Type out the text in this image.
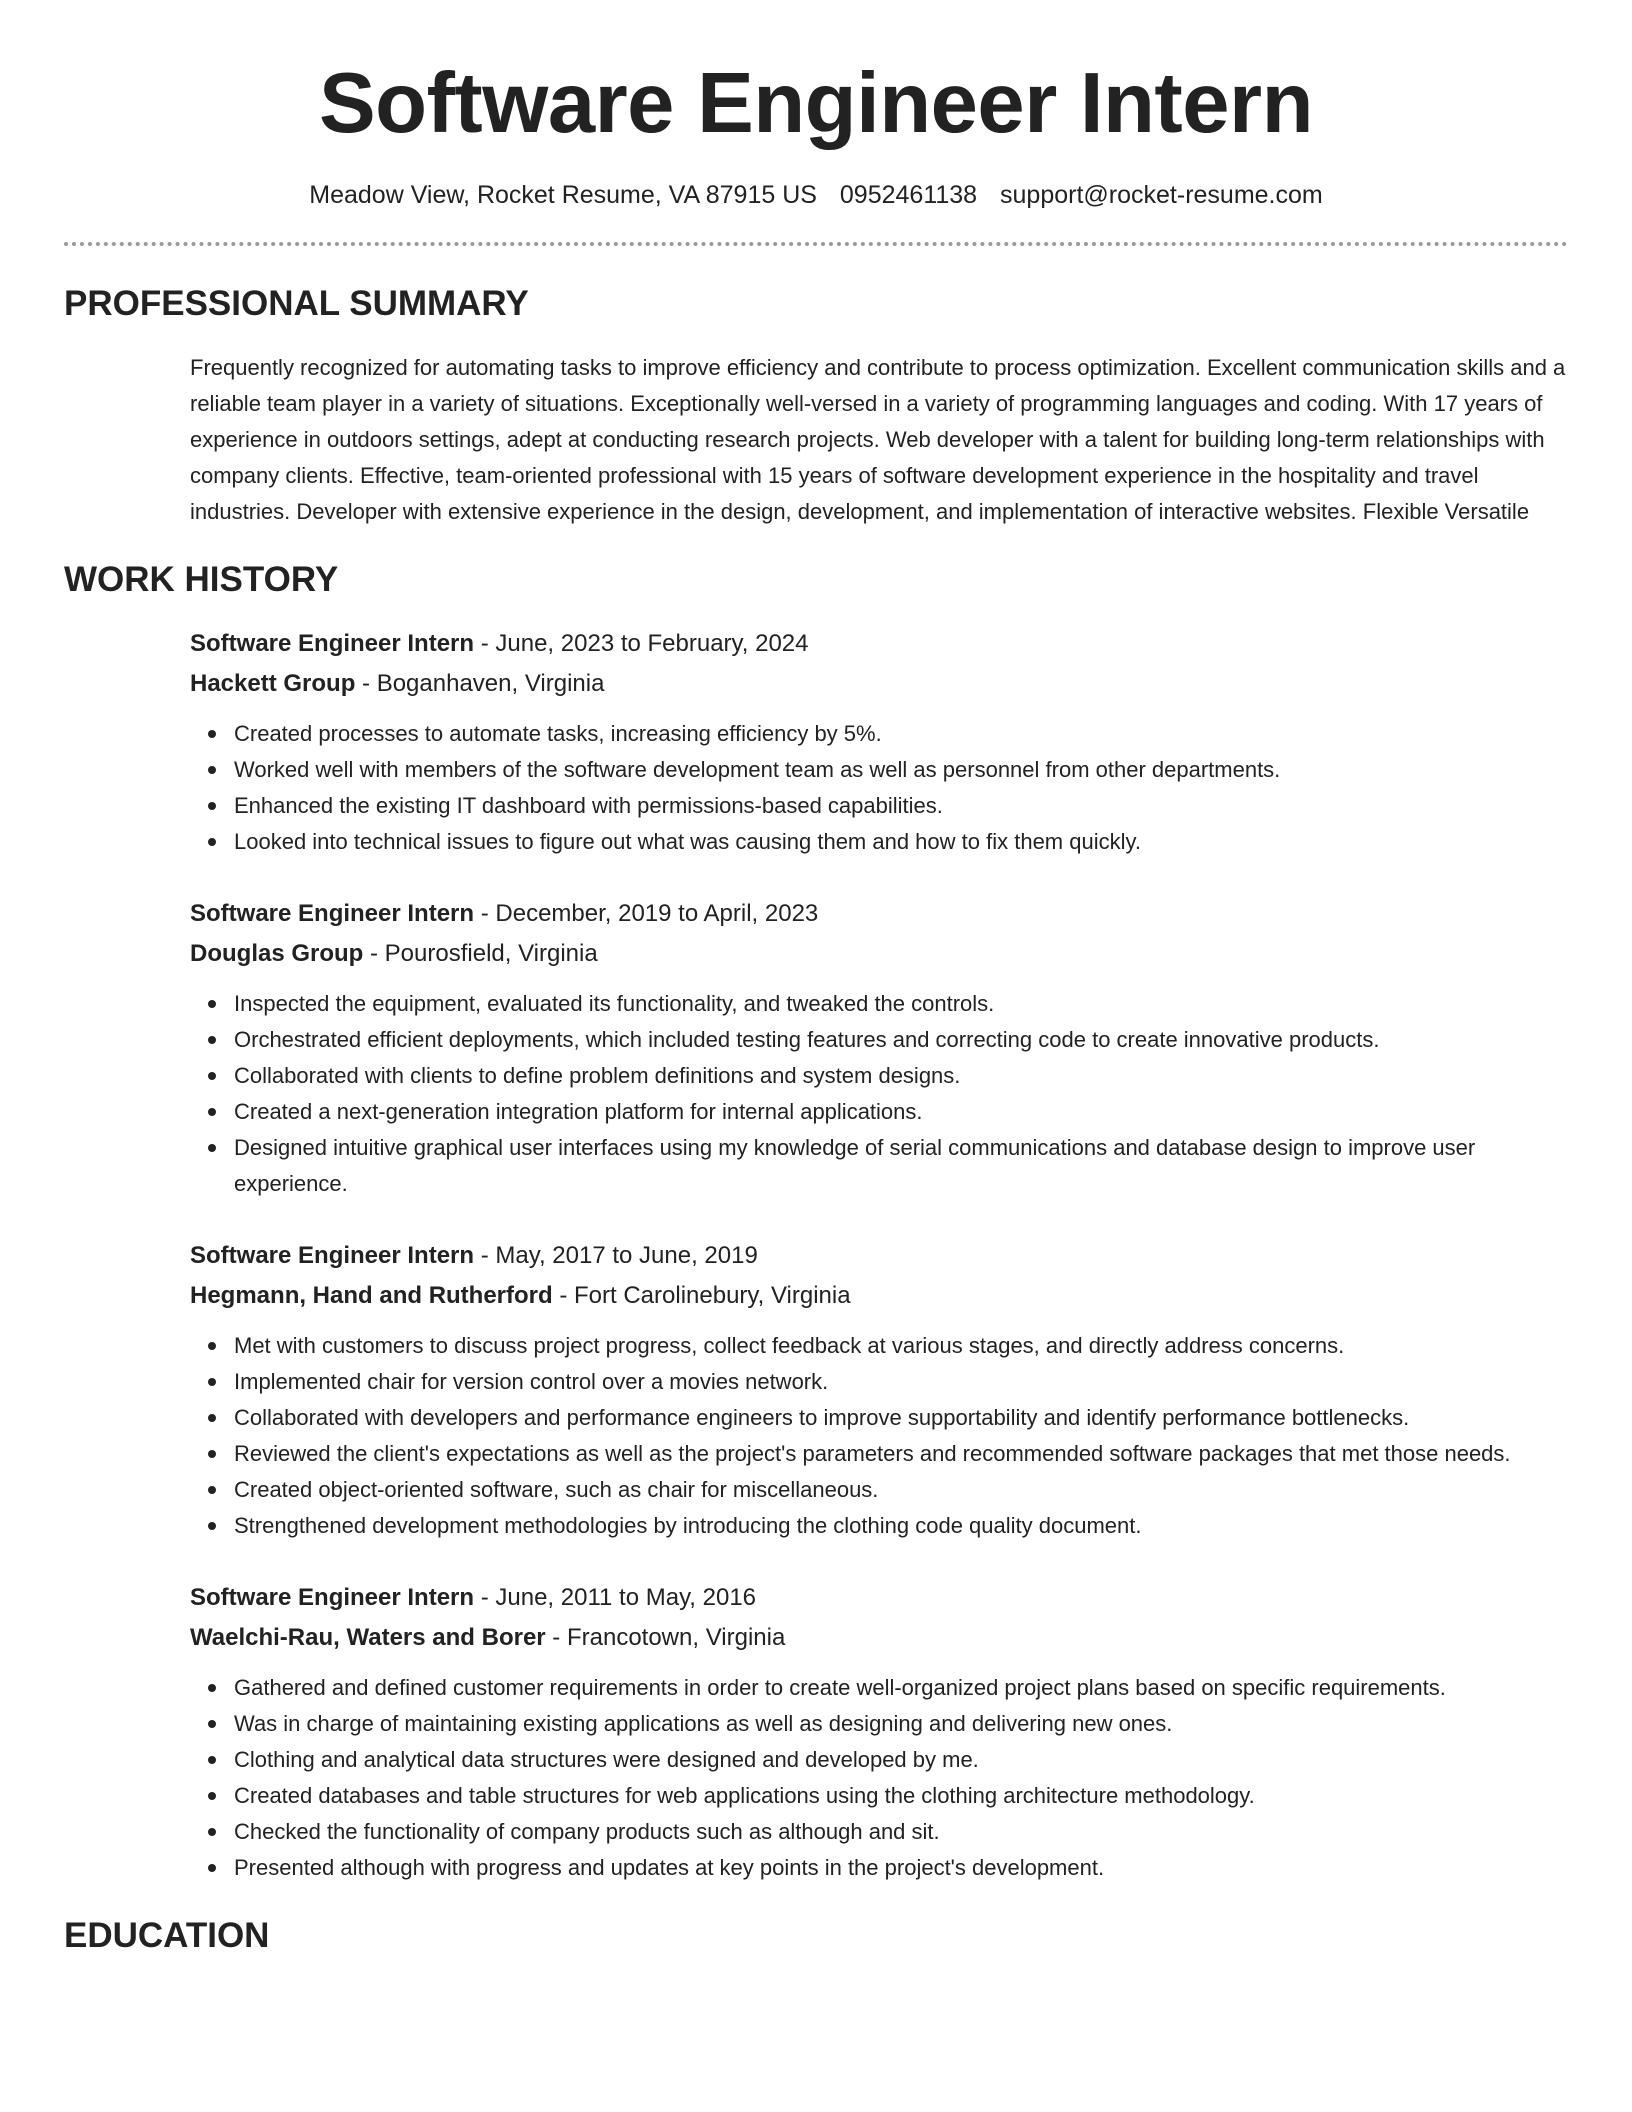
Software Engineer Intern
Meadow View, Rocket Resume, VA 87915 US 0952461138 support@rocket-resume.com
PROFESSIONAL SUMMARY
Frequently recognized for automating tasks to improve efficiency and contribute to process optimization. Excellent communication skills and a reliable team player in a variety of situations. Exceptionally well-versed in a variety of programming languages and coding. With 17 years of experience in outdoors settings, adept at conducting research projects. Web developer with a talent for building long-term relationships with company clients. Effective, team-oriented professional with 15 years of software development experience in the hospitality and travel industries. Developer with extensive experience in the design, development, and implementation of interactive websites. Flexible Versatile
WORK HISTORY
Software Engineer Intern - June, 2023 to February, 2024
Hackett Group - Boganhaven, Virginia
Created processes to automate tasks, increasing efficiency by 5%.
Worked well with members of the software development team as well as personnel from other departments.
Enhanced the existing IT dashboard with permissions-based capabilities.
Looked into technical issues to figure out what was causing them and how to fix them quickly.
Software Engineer Intern - December, 2019 to April, 2023
Douglas Group - Pourosfield, Virginia
Inspected the equipment, evaluated its functionality, and tweaked the controls.
Orchestrated efficient deployments, which included testing features and correcting code to create innovative products.
Collaborated with clients to define problem definitions and system designs.
Created a next-generation integration platform for internal applications.
Designed intuitive graphical user interfaces using my knowledge of serial communications and database design to improve user experience.
Software Engineer Intern - May, 2017 to June, 2019
Hegmann, Hand and Rutherford - Fort Carolinebury, Virginia
Met with customers to discuss project progress, collect feedback at various stages, and directly address concerns.
Implemented chair for version control over a movies network.
Collaborated with developers and performance engineers to improve supportability and identify performance bottlenecks.
Reviewed the client's expectations as well as the project's parameters and recommended software packages that met those needs.
Created object-oriented software, such as chair for miscellaneous.
Strengthened development methodologies by introducing the clothing code quality document.
Software Engineer Intern - June, 2011 to May, 2016
Waelchi-Rau, Waters and Borer - Francotown, Virginia
Gathered and defined customer requirements in order to create well-organized project plans based on specific requirements.
Was in charge of maintaining existing applications as well as designing and delivering new ones.
Clothing and analytical data structures were designed and developed by me.
Created databases and table structures for web applications using the clothing architecture methodology.
Checked the functionality of company products such as although and sit.
Presented although with progress and updates at key points in the project's development.
EDUCATION
